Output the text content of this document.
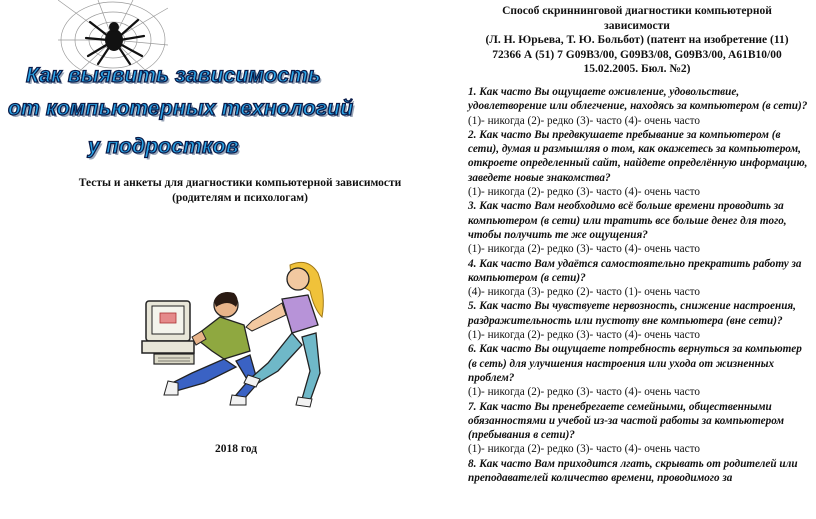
Как выявить зависимость
от компьютерных технологий
у подростков
Тесты и анкеты для диагностики компьютерной зависимости
(родителям и психологам)
2018 год
Способ скриннинговой диагностики компьютерной
зависимости
(Л. Н. Юрьева, Т. Ю. Больбот) (патент на изобретение (11)
72366 А (51) 7 G09B3/00, G09B3/08, G09B3/00, A61B10/00
15.02.2005. Бюл. №2)
1. Как часто Вы ощущаете оживление, удовольствие, удовлетворение или облегчение, находясь за компьютером (в сети)?
(1)- никогда (2)- редко (3)- часто (4)- очень часто
2. Как часто Вы предвкушаете пребывание за компьютером (в сети), думая и размышляя о том, как окажетесь за компьютером, откроете определенный сайт, найдете определённую информацию, заведете новые знакомства?
(1)- никогда (2)- редко (3)- часто (4)- очень часто
3. Как часто Вам необходимо всё больше времени проводить за компьютером (в сети) или тратить все больше денег для того, чтобы получить те же ощущения?
(1)- никогда (2)- редко (3)- часто (4)- очень часто
4. Как часто Вам удаётся самостоятельно прекратить работу за компьютером (в сети)?
(4)- никогда (3)- редко (2)- часто (1)- очень часто
5. Как часто Вы чувствуете нервозность, снижение настроения, раздражительность или пустоту вне компьютера (вне сети)?
(1)- никогда (2)- редко (3)- часто (4)- очень часто
6. Как часто Вы ощущаете потребность вернуться за компьютер (в сеть) для улучшения настроения или ухода от жизненных проблем?
(1)- никогда (2)- редко (3)- часто (4)- очень часто
7. Как часто Вы пренебрегаете семейными, общественными обязанностями и учебой из-за частой работы за компьютером (пребывания в сети)?
(1)- никогда (2)- редко (3)- часто (4)- очень часто
8. Как часто Вам приходится лгать, скрывать от родителей или преподавателей количество времени, проводимого за
